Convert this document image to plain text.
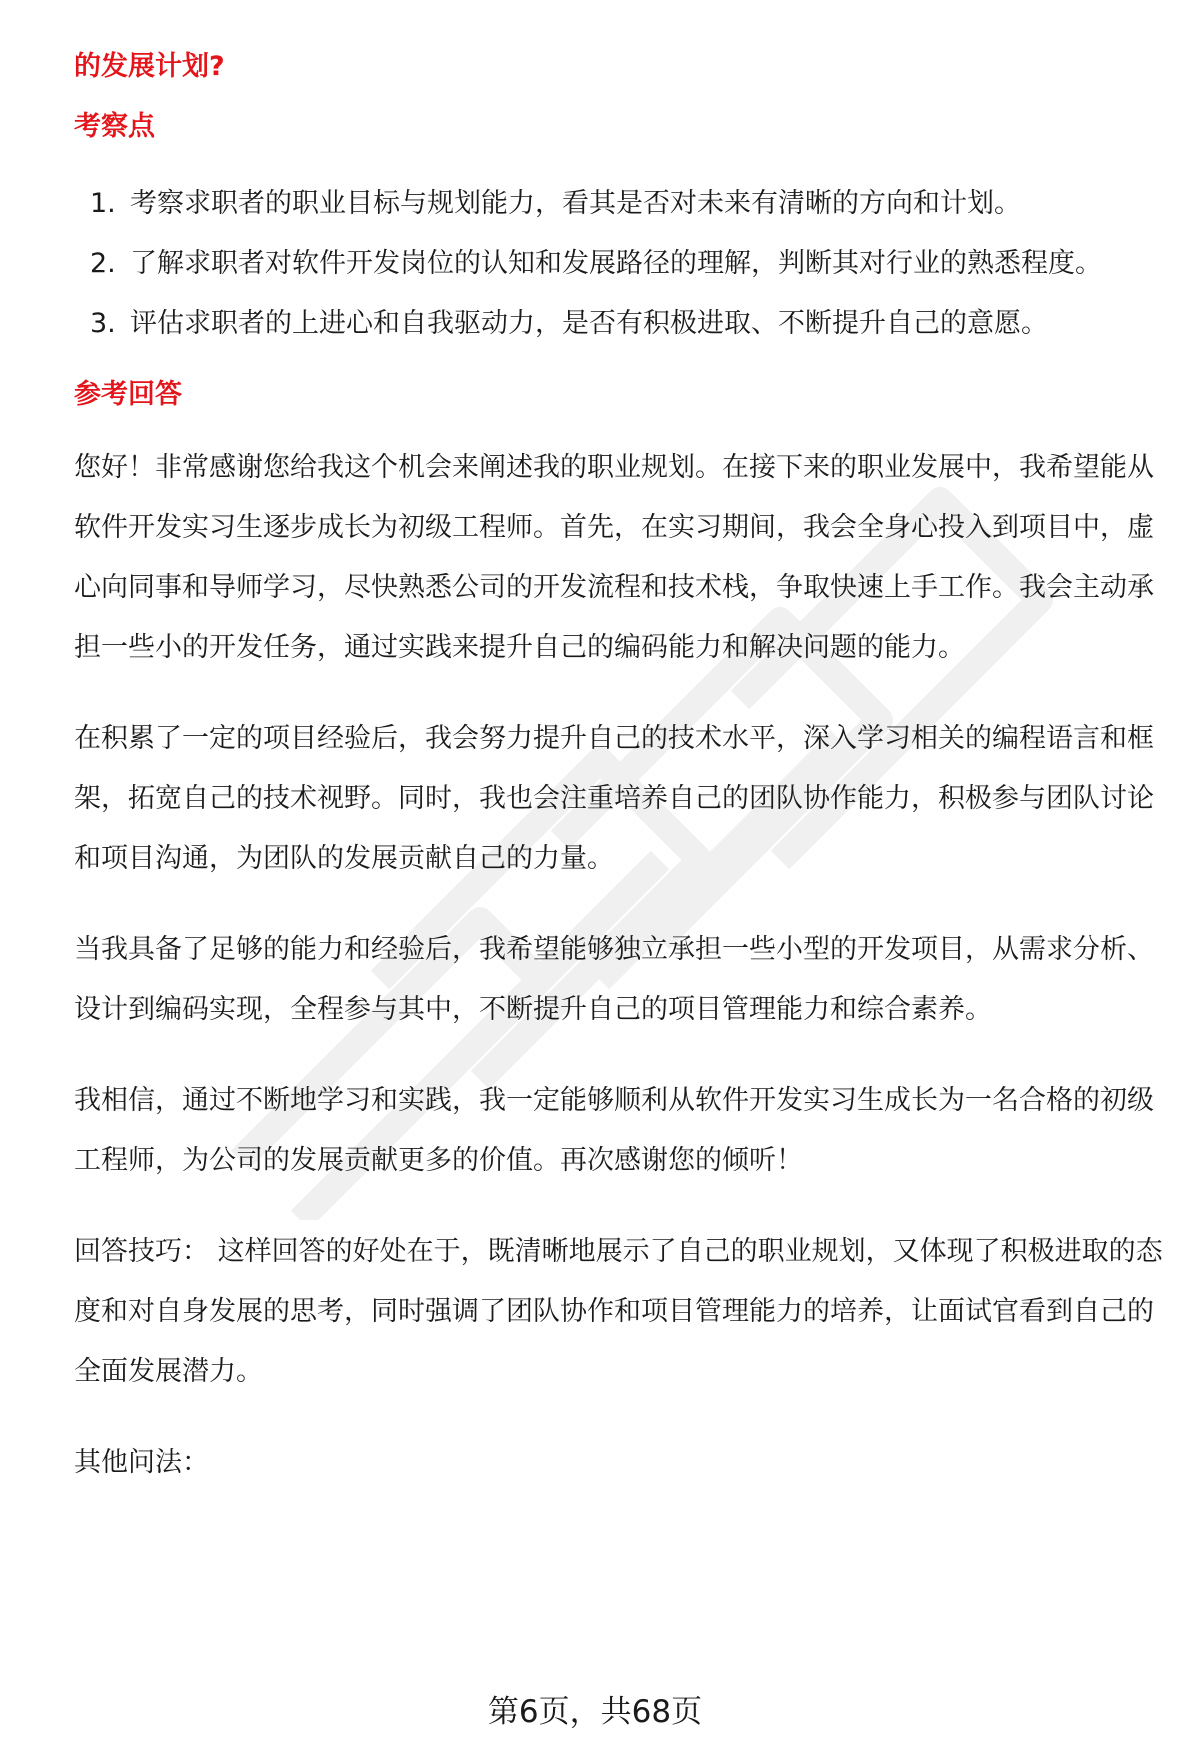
的发展计划?

考察点

1. 考察求职者的职业目标与规划能力，看其是否对未来有清晰的方向和计划。
2. 了解求职者对软件开发岗位的认知和发展路径的理解，判断其对行业的熟悉程度。
3. 评估求职者的上进心和自我驱动力，是否有积极进取、不断提升自己的意愿。

参考回答

您好！非常感谢您给我这个机会来阐述我的职业规划。在接下来的职业发展中，我希望能从软件开发实习生逐步成长为初级工程师。首先，在实习期间，我会全身心投入到项目中，虚心向同事和导师学习，尽快熟悉公司的开发流程和技术栈，争取快速上手工作。我会主动承担一些小的开发任务，通过实践来提升自己的编码能力和解决问题的能力。

在积累了一定的项目经验后，我会努力提升自己的技术水平，深入学习相关的编程语言和框架，拓宽自己的技术视野。同时，我也会注重培养自己的团队协作能力，积极参与团队讨论和项目沟通，为团队的发展贡献自己的力量。

当我具备了足够的能力和经验后，我希望能够独立承担一些小型的开发项目，从需求分析、设计到编码实现，全程参与其中，不断提升自己的项目管理能力和综合素养。

我相信，通过不断地学习和实践，我一定能够顺利从软件开发实习生成长为一名合格的初级工程师，为公司的发展贡献更多的价值。再次感谢您的倾听！

回答技巧： 这样回答的好处在于，既清晰地展示了自己的职业规划，又体现了积极进取的态度和对自身发展的思考，同时强调了团队协作和项目管理能力的培养，让面试官看到自己的全面发展潜力。

其他问法：

第6页，共68页
